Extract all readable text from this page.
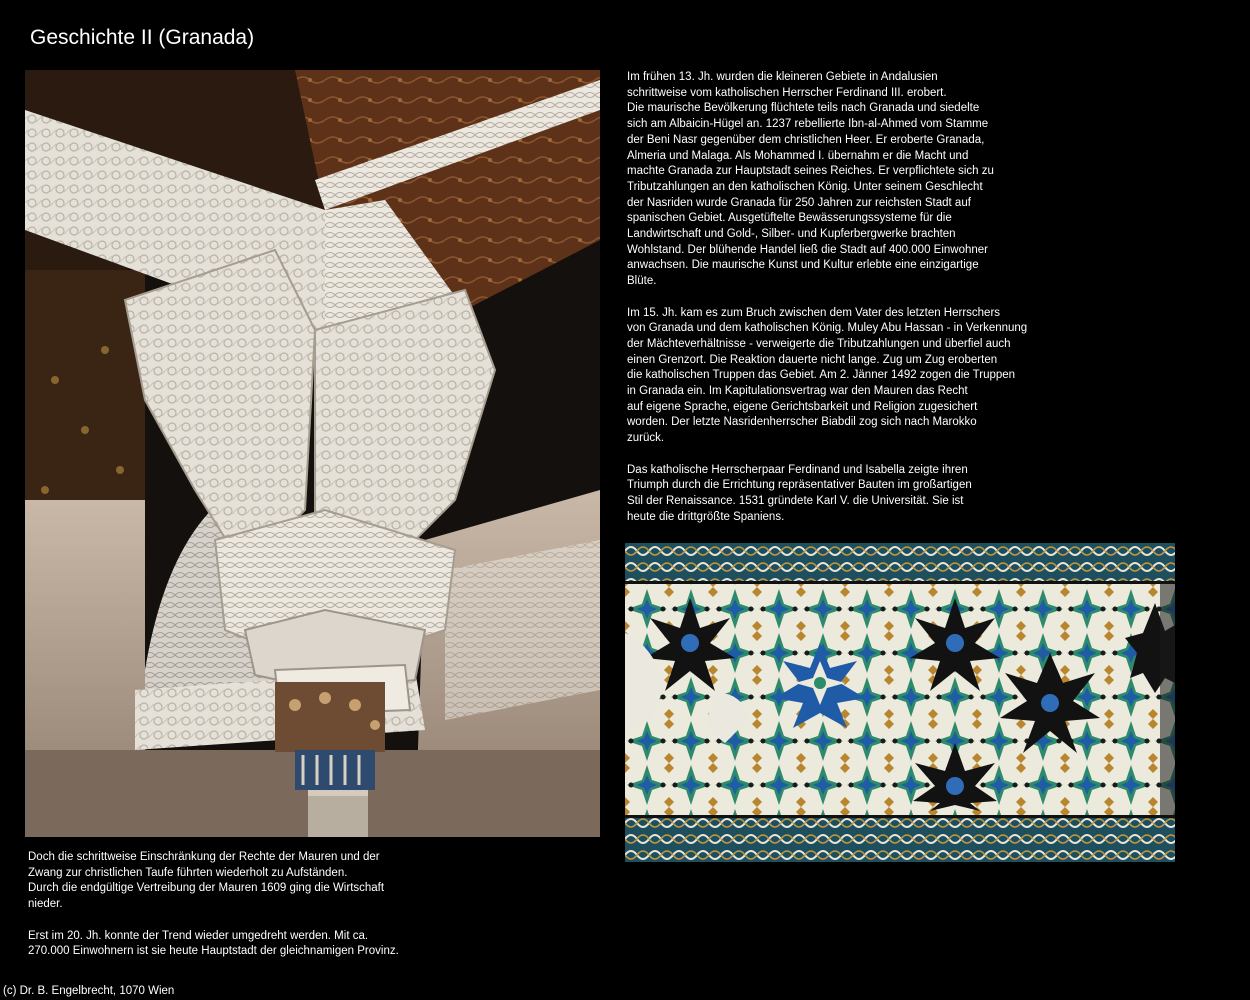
Geschichte II (Granada)

Im frühen 13. Jh. wurden die kleineren Gebiete in Andalusien
schrittweise vom katholischen Herrscher Ferdinand III. erobert.
Die maurische Bevölkerung flüchtete teils nach Granada und siedelte
sich am Albaicin-Hügel an. 1237 rebellierte Ibn-al-Ahmed vom Stamme
der Beni Nasr gegenüber dem christlichen Heer. Er eroberte Granada,
Almeria und Malaga. Als Mohammed I. übernahm er die Macht und
machte Granada zur Hauptstadt seines Reiches. Er verpflichtete sich zu
Tributzahlungen an den katholischen König. Unter seinem Geschlecht
der Nasriden wurde Granada für 250 Jahren zur reichsten Stadt auf
spanischen Gebiet. Ausgetüftelte Bewässerungssysteme für die
Landwirtschaft und Gold-, Silber- und Kupferbergwerke brachten
Wohlstand. Der blühende Handel ließ die Stadt auf 400.000 Einwohner
anwachsen. Die maurische Kunst und Kultur erlebte eine einzigartige
Blüte.

Im 15. Jh. kam es zum Bruch zwischen dem Vater des letzten Herrschers
von Granada und dem katholischen König. Muley Abu Hassan - in Verkennung
der Mächteverhältnisse - verweigerte die Tributzahlungen und überfiel auch
einen Grenzort. Die Reaktion dauerte nicht lange. Zug um Zug eroberten
die katholischen Truppen das Gebiet. Am 2. Jänner 1492 zogen die Truppen
in Granada ein. Im Kapitulationsvertrag war den Mauren das Recht
auf eigene Sprache, eigene Gerichtsbarkeit und Religion zugesichert
worden. Der letzte Nasridenherrscher Biabdil zog sich nach Marokko
zurück.

Das katholische Herrscherpaar Ferdinand und Isabella zeigte ihren
Triumph durch die Errichtung repräsentativer Bauten im großartigen
Stil der Renaissance. 1531 gründete Karl V. die Universität. Sie ist
heute die drittgrößte Spaniens.

Doch die schrittweise Einschränkung der Rechte der Mauren und der
Zwang zur christlichen Taufe führten wiederholt zu Aufständen.
Durch die endgültige Vertreibung der Mauren 1609 ging die Wirtschaft
nieder.

Erst im 20. Jh. konnte der Trend wieder umgedreht werden. Mit ca.
270.000 Einwohnern ist sie heute Hauptstadt der gleichnamigen Provinz.

(c) Dr. B. Engelbrecht, 1070 Wien
